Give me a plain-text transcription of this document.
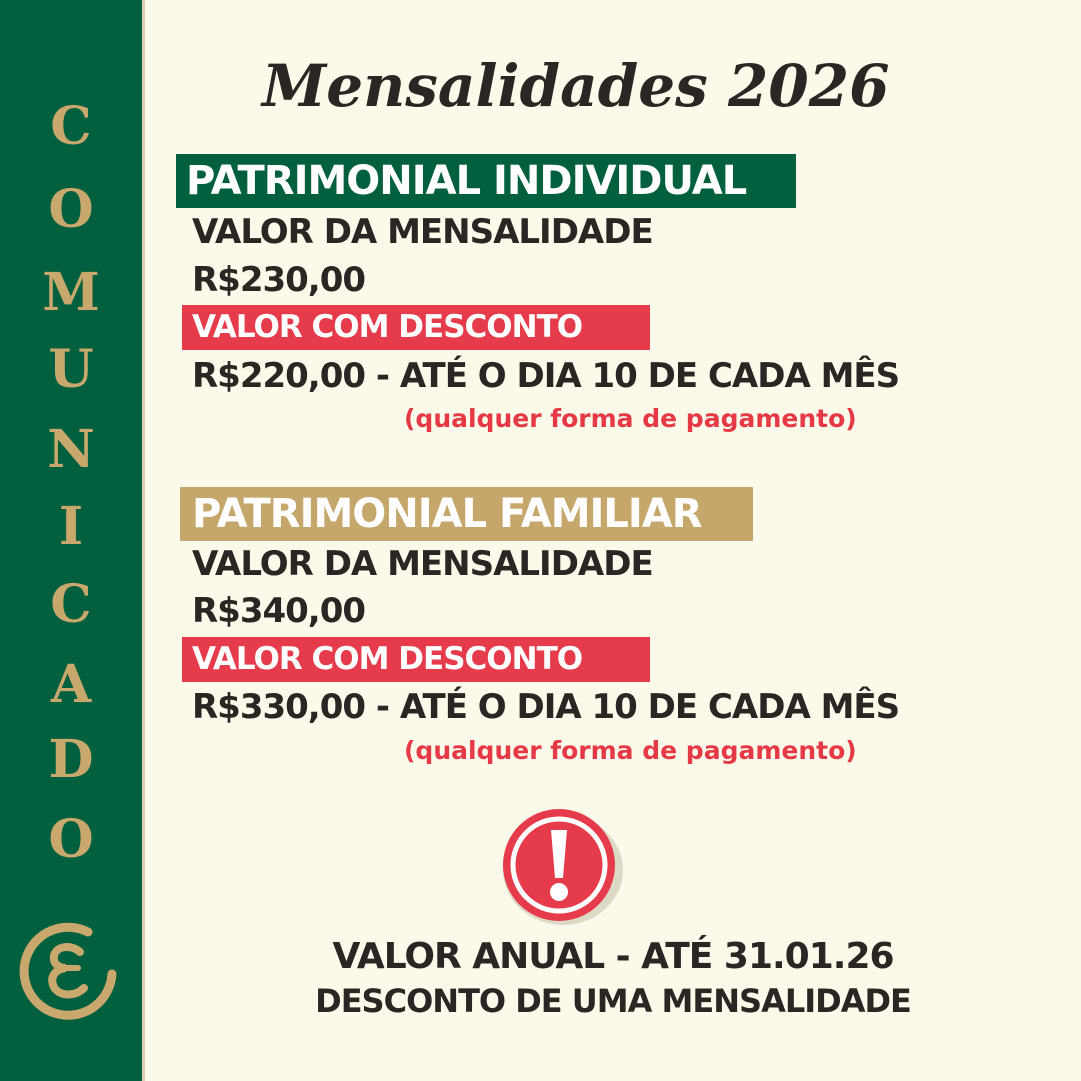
C
O
M
U
N
I
C
A
D
O
Mensalidades 2026
PATRIMONIAL INDIVIDUAL
VALOR DA MENSALIDADE
R$230,00
VALOR COM DESCONTO
R$220,00 - ATÉ O DIA 10 DE CADA MÊS
(qualquer forma de pagamento)
PATRIMONIAL FAMILIAR
VALOR DA MENSALIDADE
R$340,00
VALOR COM DESCONTO
R$330,00 - ATÉ O DIA 10 DE CADA MÊS
(qualquer forma de pagamento)
VALOR ANUAL - ATÉ 31.01.26
DESCONTO DE UMA MENSALIDADE
